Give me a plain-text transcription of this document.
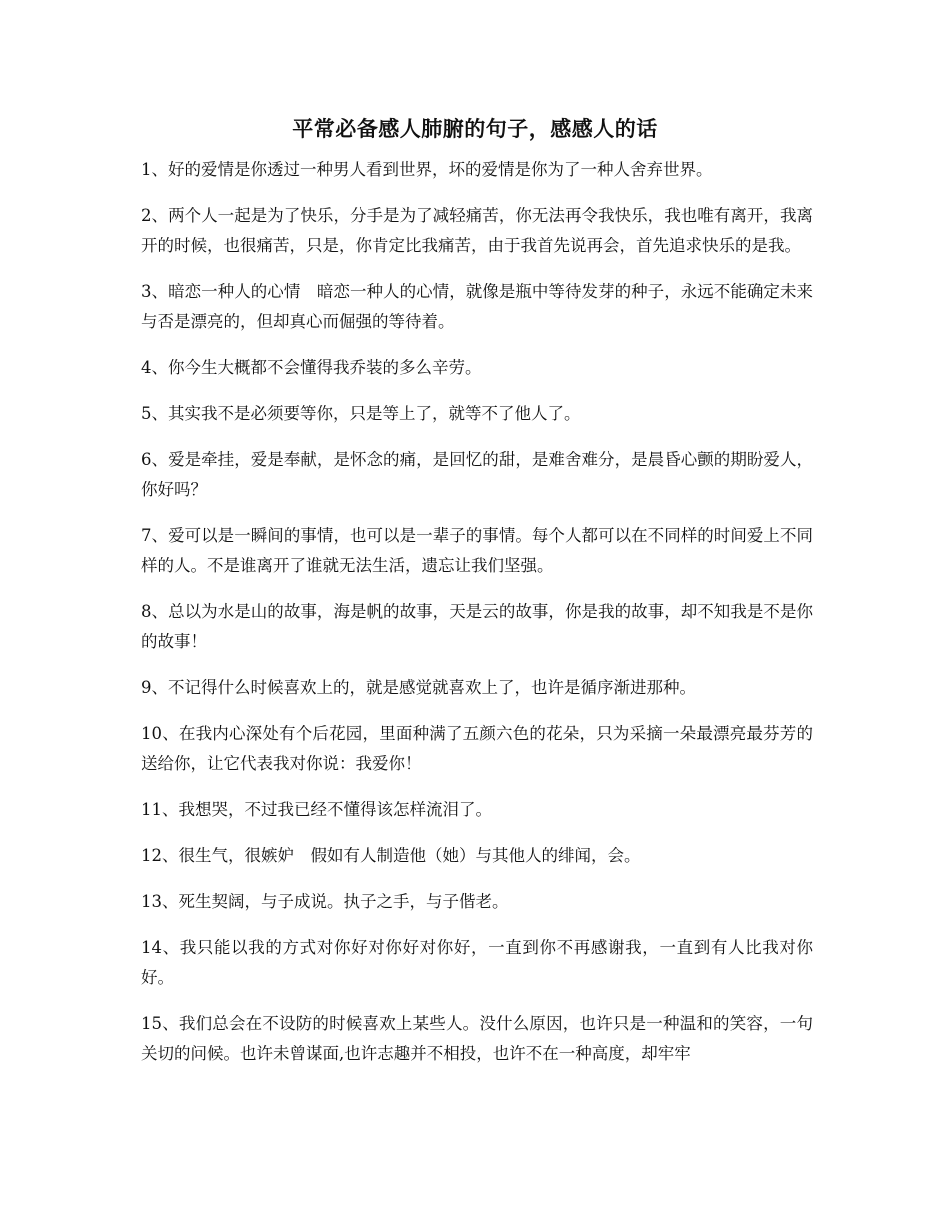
平常必备感人肺腑的句子，感感人的话

1、好的爱情是你透过一种男人看到世界，坏的爱情是你为了一种人舍弃世界。

2、两个人一起是为了快乐，分手是为了减轻痛苦，你无法再令我快乐，我也唯有离开，我离开的时候，也很痛苦，只是，你肯定比我痛苦，由于我首先说再会，首先追求快乐的是我。

3、暗恋一种人的心情　暗恋一种人的心情，就像是瓶中等待发芽的种子，永远不能确定未来与否是漂亮的，但却真心而倔强的等待着。

4、你今生大概都不会懂得我乔装的多么辛劳。

5、其实我不是必须要等你，只是等上了，就等不了他人了。

6、爱是牵挂，爱是奉献，是怀念的痛，是回忆的甜，是难舍难分，是晨昏心颤的期盼爱人，你好吗？

7、爱可以是一瞬间的事情，也可以是一辈子的事情。每个人都可以在不同样的时间爱上不同样的人。不是谁离开了谁就无法生活，遗忘让我们坚强。

8、总以为水是山的故事，海是帆的故事，天是云的故事，你是我的故事，却不知我是不是你的故事！

9、不记得什么时候喜欢上的，就是感觉就喜欢上了，也许是循序渐进那种。

10、在我内心深处有个后花园，里面种满了五颜六色的花朵，只为采摘一朵最漂亮最芬芳的送给你，让它代表我对你说：我爱你！

11、我想哭，不过我已经不懂得该怎样流泪了。

12、很生气，很嫉妒　假如有人制造他（她）与其他人的绯闻，会。

13、死生契阔，与子成说。执子之手，与子偕老。

14、我只能以我的方式对你好对你好对你好，一直到你不再感谢我，一直到有人比我对你好。

15、我们总会在不设防的时候喜欢上某些人。没什么原因，也许只是一种温和的笑容，一句关切的问候。也许未曾谋面,也许志趣并不相投，也许不在一种高度，却牢牢
